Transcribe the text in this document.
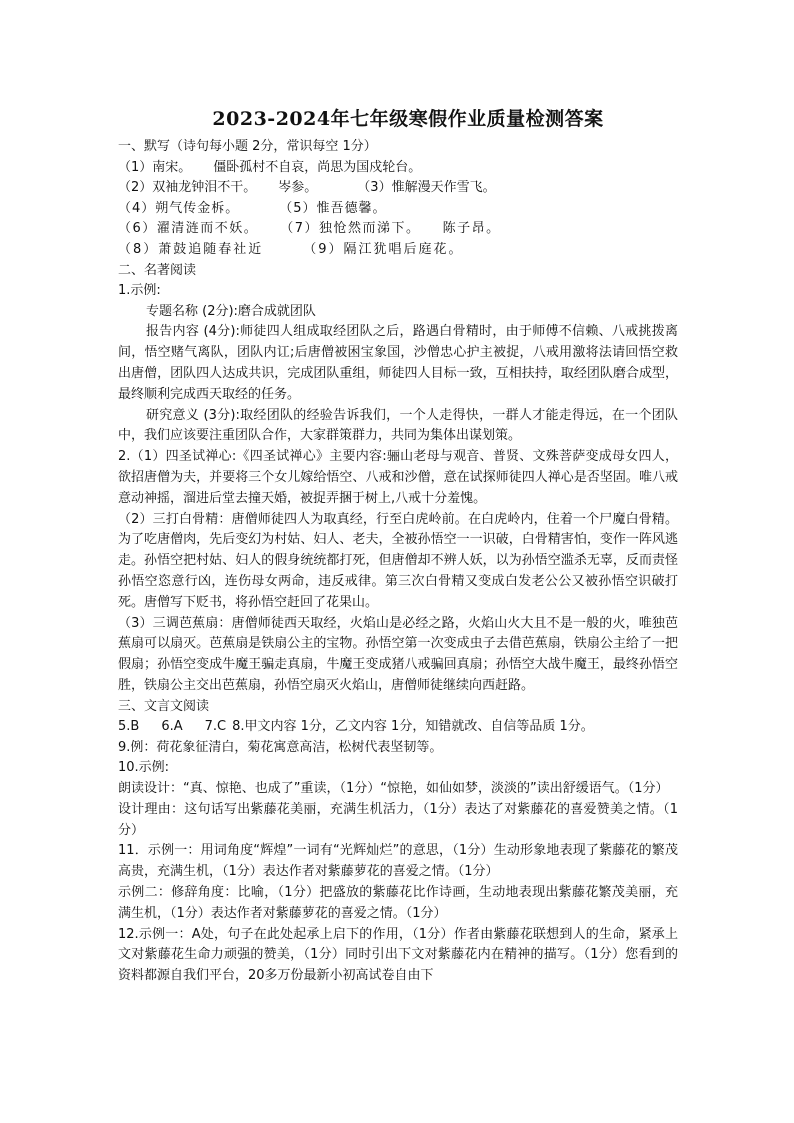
2023-2024年七年级寒假作业质量检测答案
一、默写（诗句每小题 2分，常识每空 1分）
（1）南宋。 僵卧孤村不自哀，尚思为国戍轮台。
（2）双袖龙钟泪不干。 岑参。	（3）惟解漫天作雪飞。
（4）朔气传金柝。	（5）惟吾德馨。
（6）濯清涟而不妖。 （7）独怆然而涕下。 陈子昂。
（8）萧鼓追随春社近	（9）隔江犹唱后庭花。
二、名著阅读
1.示例:
专题名称 (2分):磨合成就团队
报告内容 (4分):师徒四人组成取经团队之后，路遇白骨精时，由于师傅不信赖、八戒挑拨离间，悟空赌气离队，团队内讧;后唐僧被困宝象国，沙僧忠心护主被捉，八戒用激将法请回悟空救 出唐僧，团队四人达成共识，完成团队重组，师徒四人目标一致，互相扶持，取经团队磨合成型，最终顺利完成西天取经的任务。
研究意义 (3分):取经团队的经验告诉我们，一个人走得快，一群人才能走得远，在一个团队中，我们应该要注重团队合作，大家群策群力，共同为集体出谋划策。
2.（1）四圣试禅心:《四圣试禅心》主要内容:骊山老母与观音、普贤、文殊菩萨变成母女四人，欲招唐僧为夫，并要将三个女儿嫁给悟空、八戒和沙僧，意在试探师徒四人禅心是否坚固。唯八戒意动神摇，溜进后堂去撞天婚，被捉弄捆于树上,八戒十分羞愧。
（2）三打白骨精：唐僧师徒四人为取真经，行至白虎岭前。在白虎岭内，住着一个尸魔白骨精。为了吃唐僧肉，先后变幻为村姑、妇人、老夫，全被孙悟空一一识破，白骨精害怕，变作一阵风逃走。孙悟空把村姑、妇人的假身统统都打死，但唐僧却不辨人妖，以为孙悟空滥杀无辜，反而责怪孙悟空恣意行凶，连伤母女两命，违反戒律。第三次白骨精又变成白发老公公又被孙悟空识破打死。唐僧写下贬书，将孙悟空赶回了花果山。
（3）三调芭蕉扇：唐僧师徒西天取经，火焰山是必经之路，火焰山火大且不是一般的火，唯独芭蕉扇可以扇灭。芭蕉扇是铁扇公主的宝物。孙悟空第一次变成虫子去借芭蕉扇，铁扇公主给了一把假扇；孙悟空变成牛魔王骗走真扇，牛魔王变成猪八戒骗回真扇；孙悟空大战牛魔王，最终孙悟空胜，铁扇公主交出芭蕉扇，孙悟空扇灭火焰山，唐僧师徒继续向西赶路。
三、文言文阅读
5.B 6.A 7.C 8.甲文内容 1分，乙文内容 1分，知错就改、自信等品质 1分。
9.例：荷花象征清白，菊花寓意高洁，松树代表坚韧等。
10.示例:
朗读设计：“真、惊艳、也成了”重读，（1分）“惊艳，如仙如梦，淡淡的”读出舒缓语气。（1分）
设计理由：这句话写出紫藤花美丽，充满生机活力，（1分）表达了对紫藤花的喜爱赞美之情。（1分）
11．示例一：用词角度“辉煌”一词有“光辉灿烂”的意思，（1分）生动形象地表现了紫藤花的繁茂高贵，充满生机，（1分）表达作者对紫藤萝花的喜爱之情。（1分）
示例二：修辞角度：比喻，（1分）把盛放的紫藤花比作诗画，生动地表现出紫藤花繁茂美丽，充满生机，（1分）表达作者对紫藤萝花的喜爱之情。（1分）
12.示例一：A处，句子在此处起承上启下的作用，（1分）作者由紫藤花联想到人的生命，紧承上文对紫藤花生命力顽强的赞美，（1分）同时引出下文对紫藤花内在精神的描写。（1分）您看到的资料都源自我们平台，20多万份最新小初高试卷自由下
